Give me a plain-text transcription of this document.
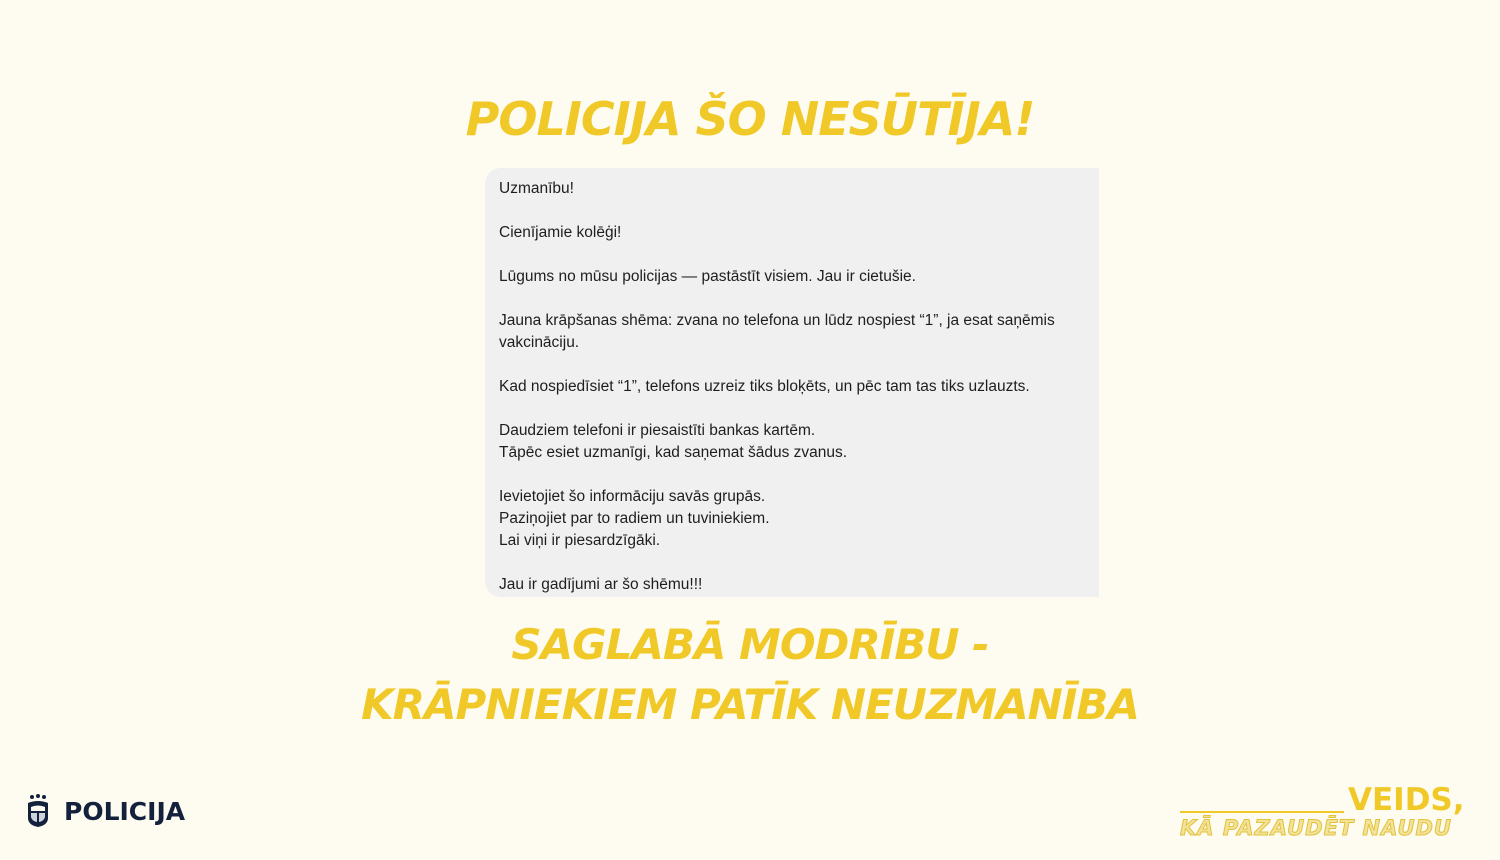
POLICIJA ŠO NESŪTĪJA!

Uzmanību!

Cienījamie kolēģi!

Lūgums no mūsu policijas — pastāstīt visiem. Jau ir cietušie.

Jauna krāpšanas shēma: zvana no telefona un lūdz nospiest “1”, ja esat saņēmis vakcināciju.

Kad nospiedīsiet “1”, telefons uzreiz tiks bloķēts, un pēc tam tas tiks uzlauzts.

Daudziem telefoni ir piesaistīti bankas kartēm.
Tāpēc esiet uzmanīgi, kad saņemat šādus zvanus.

Ievietojiet šo informāciju savās grupās.
Paziņojiet par to radiem un tuviniekiem.
Lai viņi ir piesardzīgāki.

Jau ir gadījumi ar šo shēmu!!!

SAGLABĀ MODRĪBU -
KRĀPNIEKIEM PATĪK NEUZMANĪBA
POLICIJA	VEIDS,
KĀ PAZAUDĒT NAUDU
